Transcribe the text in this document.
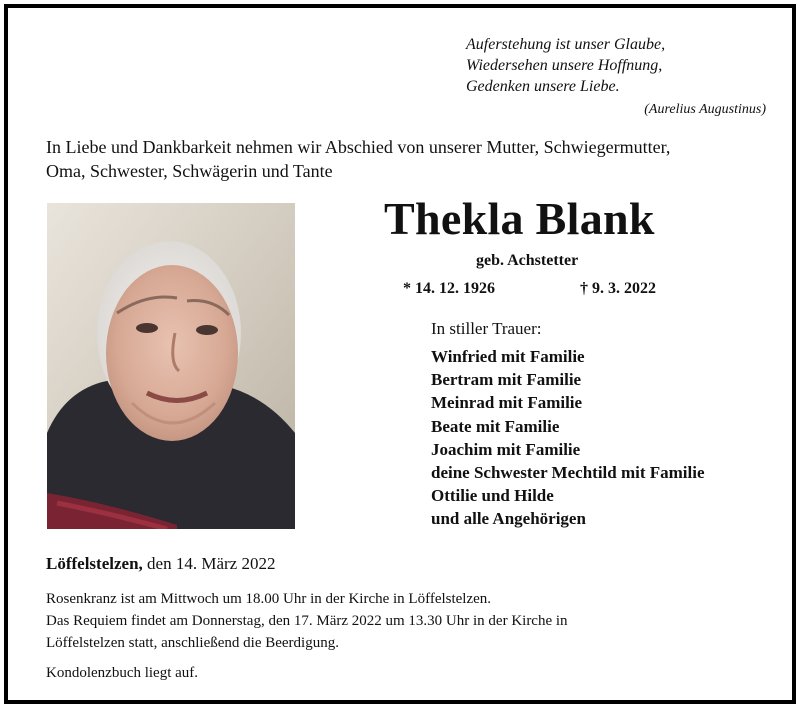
Auferstehung ist unser Glaube,
Wiedersehen unsere Hoffnung,
Gedenken unsere Liebe.
(Aurelius Augustinus)
In Liebe und Dankbarkeit nehmen wir Abschied von unserer Mutter, Schwiegermutter,
Oma, Schwester, Schwägerin und Tante
Thekla Blank
geb. Achstetter
* 14. 12. 1926	† 9. 3. 2022
In stiller Trauer:
Winfried mit Familie
Bertram mit Familie
Meinrad mit Familie
Beate mit Familie
Joachim mit Familie
deine Schwester Mechtild mit Familie
Ottilie und Hilde
und alle Angehörigen
Löffelstelzen, den 14. März 2022

Rosenkranz ist am Mittwoch um 18.00 Uhr in der Kirche in Löffelstelzen.

Das Requiem findet am Donnerstag, den 17. März 2022 um 13.30 Uhr in der Kirche in

Löffelstelzen statt, anschließend die Beerdigung.

Kondolenzbuch liegt auf.
